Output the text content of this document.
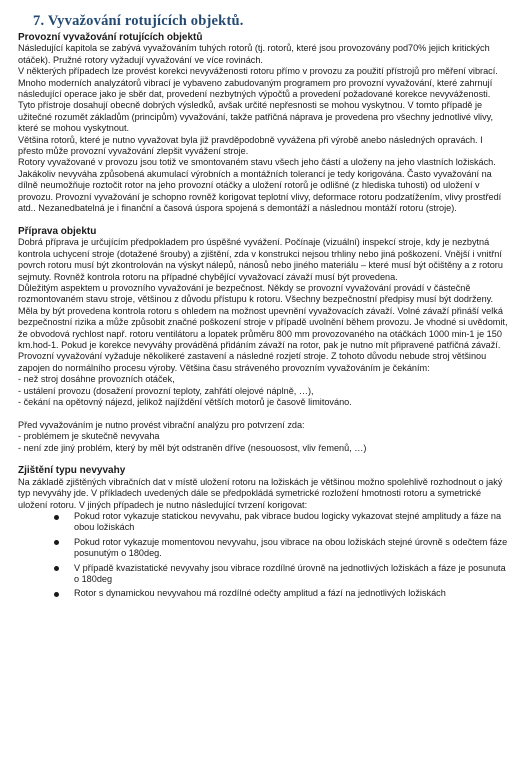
7. Vyvažování rotujících objektů.
Provozní vyvažování rotujících objektů
Následující kapitola se zabývá vyvažováním tuhých rotorů (tj. rotorů, které jsou provozovány pod70% jejich kritických otáček). Pružné rotory vyžadují vyvažování ve více rovinách.
V některých případech lze provést korekci nevyváženosti rotoru přímo v provozu za použití přístrojů pro měření vibrací. Mnoho moderních analyzátorů vibrací je vybaveno zabudovaným programem pro provozní vyvažování, které zahrnují následující operace jako je sběr dat, provedení nezbytných výpočtů a provedení požadované korekce nevyváženosti. Tyto přístroje dosahují obecně dobrých výsledků, avšak určité nepřesnosti se mohou vyskytnou. V tomto případě je užitečné rozumět základům (principům) vyvažování, takže patřičná náprava je provedena pro všechny jednotlivé vlivy, které se mohou vyskytnout.
Většina rotorů, které je nutno vyvažovat byla již pravděpodobně vyvážena při výrobě anebo následných opravách. I přesto může provozní vyvažování zlepšit vyvážení stroje.
Rotory vyvažované v provozu jsou totiž ve smontovaném stavu všech jeho částí a uloženy na jeho vlastních ložiskách. Jakákoliv nevyváha způsobená akumulací výrobních a montážních tolerancí je tedy korigována. Často vyvažování na dílně neumožňuje roztočit rotor na jeho provozní otáčky a uložení rotorů je odlišné (z hlediska tuhosti) od uložení v provozu. Provozní vyvažování je schopno rovněž korigovat teplotní vlivy, deformace rotoru podzatížením, vlivy prostředí atd.. Nezanedbatelná je i finanční a časová úspora spojená s demontáží a následnou montáží rotoru (stroje).
Příprava objektu
Dobrá příprava je určujícím předpokladem pro úspěšné vyvážení. Počínaje (vizuální) inspekcí stroje, kdy je nezbytná kontrola uchycení stroje (dotažené šrouby) a zjištění, zda v konstrukci nejsou trhliny nebo jiná poškození. Vnější i vnitřní povrch rotoru musí být zkontrolován na výskyt nálepů, nánosů nebo jiného materiálu – které musí být očištěny a z rotoru sejmuty. Rovněž kontrola rotoru na případné chybějící vyvažovací závaží musí být provedena.
Důležitým aspektem u provozního vyvažování je bezpečnost. Někdy se provozní vyvažování provádí v částečně rozmontovaném stavu stroje, většinou z důvodu přístupu k rotoru. Všechny bezpečnostní předpisy musí být dodrženy.
Měla by být provedena kontrola rotoru s ohledem na možnost upevnění vyvažovacích závaží. Volné závaží přináší velká bezpečnostní rizika a může způsobit značné poškození stroje v případě uvolnění během provozu. Je vhodné si uvědomit, že obvodová rychlost např. rotoru ventilátoru a lopatek průměru 800 mm provozovaného na otáčkách 1000 min-1 je 150 km.hod-1. Pokud je korekce nevyváhy prováděná přidáním závaží na rotor, pak je nutno mít připravené patřičná závaží. Provozní vyvažování vyžaduje několikeré zastavení a následné rozjetí stroje. Z tohoto důvodu nebude stroj většinou zapojen do normálního procesu výroby. Většina času stráveného provozním vyvažováním je čekáním:
- než stroj dosáhne provozních otáček,
- ustálení provozu (dosažení provozní teploty, zahřátí olejové náplně, …),
- čekání na opětovný nájezd, jelikož najíždění větších motorů je časově limitováno.
Před vyvažováním je nutno provést vibrační analýzu pro potvrzení zda:
- problémem je skutečně nevyvaha
- není zde jiný problém, který by měl být odstraněn dříve (nesouosost, vliv řemenů, …)
Zjištění typu nevyvahy
Na základě zjištěných vibračních dat v místě uložení rotoru na ložiskách je většinou možno spolehlivě rozhodnout o jaký typ nevyváhy jde. V příkladech uvedených dále se předpokládá symetrické rozložení hmotnosti rotoru a symetrické uložení rotoru. V jiných případech je nutno následující tvrzení korigovat:
Pokud rotor vykazuje statickou nevyvahu, pak vibrace budou logicky vykazovat stejné amplitudy a fáze na obou ložiskách
Pokud rotor vykazuje momentovou nevyvahu, jsou vibrace na obou ložiskách stejné úrovně s odečtem fáze posunutým o 180deg.
V případě kvazistatické nevyvahy jsou vibrace rozdílné úrovně na jednotlivých ložiskách a fáze je posunuta o 180deg
Rotor s dynamickou nevyvahou má rozdílné odečty amplitud a fází na jednotlivých ložiskách
